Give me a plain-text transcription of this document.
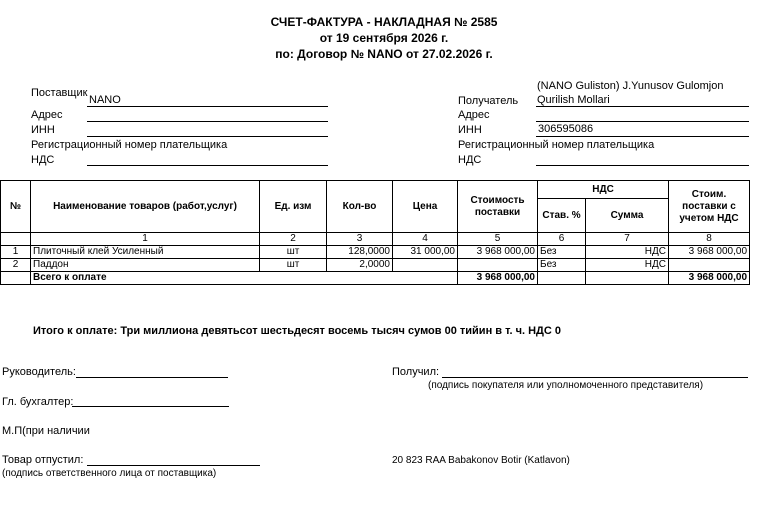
СЧЕТ-ФАКТУРА - НАКЛАДНАЯ № 2585
от 19 сентября 2026 г.
по: Договор № NANO от 27.02.2026 г.
Поставщик
NANO
Адрес
ИНН
Регистрационный номер плательщика
НДС
(NANO Guliston) J.Yunusov Gulomjon
Получатель Qurilish Mollari
Адрес
ИНН	306595086
Регистрационный номер плательщика
НДС
№	Наименование товаров (работ,услуг)	Ед. изм	Кол-во	Цена	Стоимость поставки	НДС		Стоим. поставки с учетом НДС
						Став. %	Сумма	
	1	2	3	4	5	6	7	8
1	Плиточный клей Усиленный	шт	128,0000	31 000,00	3 968 000,00	Без	НДС	3 968 000,00
2	Паддон	шт	2,0000			Без	НДС	
	Всего к оплате				3 968 000,00			3 968 000,00
Итого к оплате: Три миллиона девятьсот шестьдесят восемь тысяч сумов 00 тийин в т. ч. НДС 0
Руководитель:
Гл. бухгалтер:
М.П(при наличии
Товар отпустил:
(подпись ответственного лица от поставщика)
Получил:
(подпись покупателя или уполномоченного представителя)
20 823 RAA Babakonov Botir (Katlavon)
